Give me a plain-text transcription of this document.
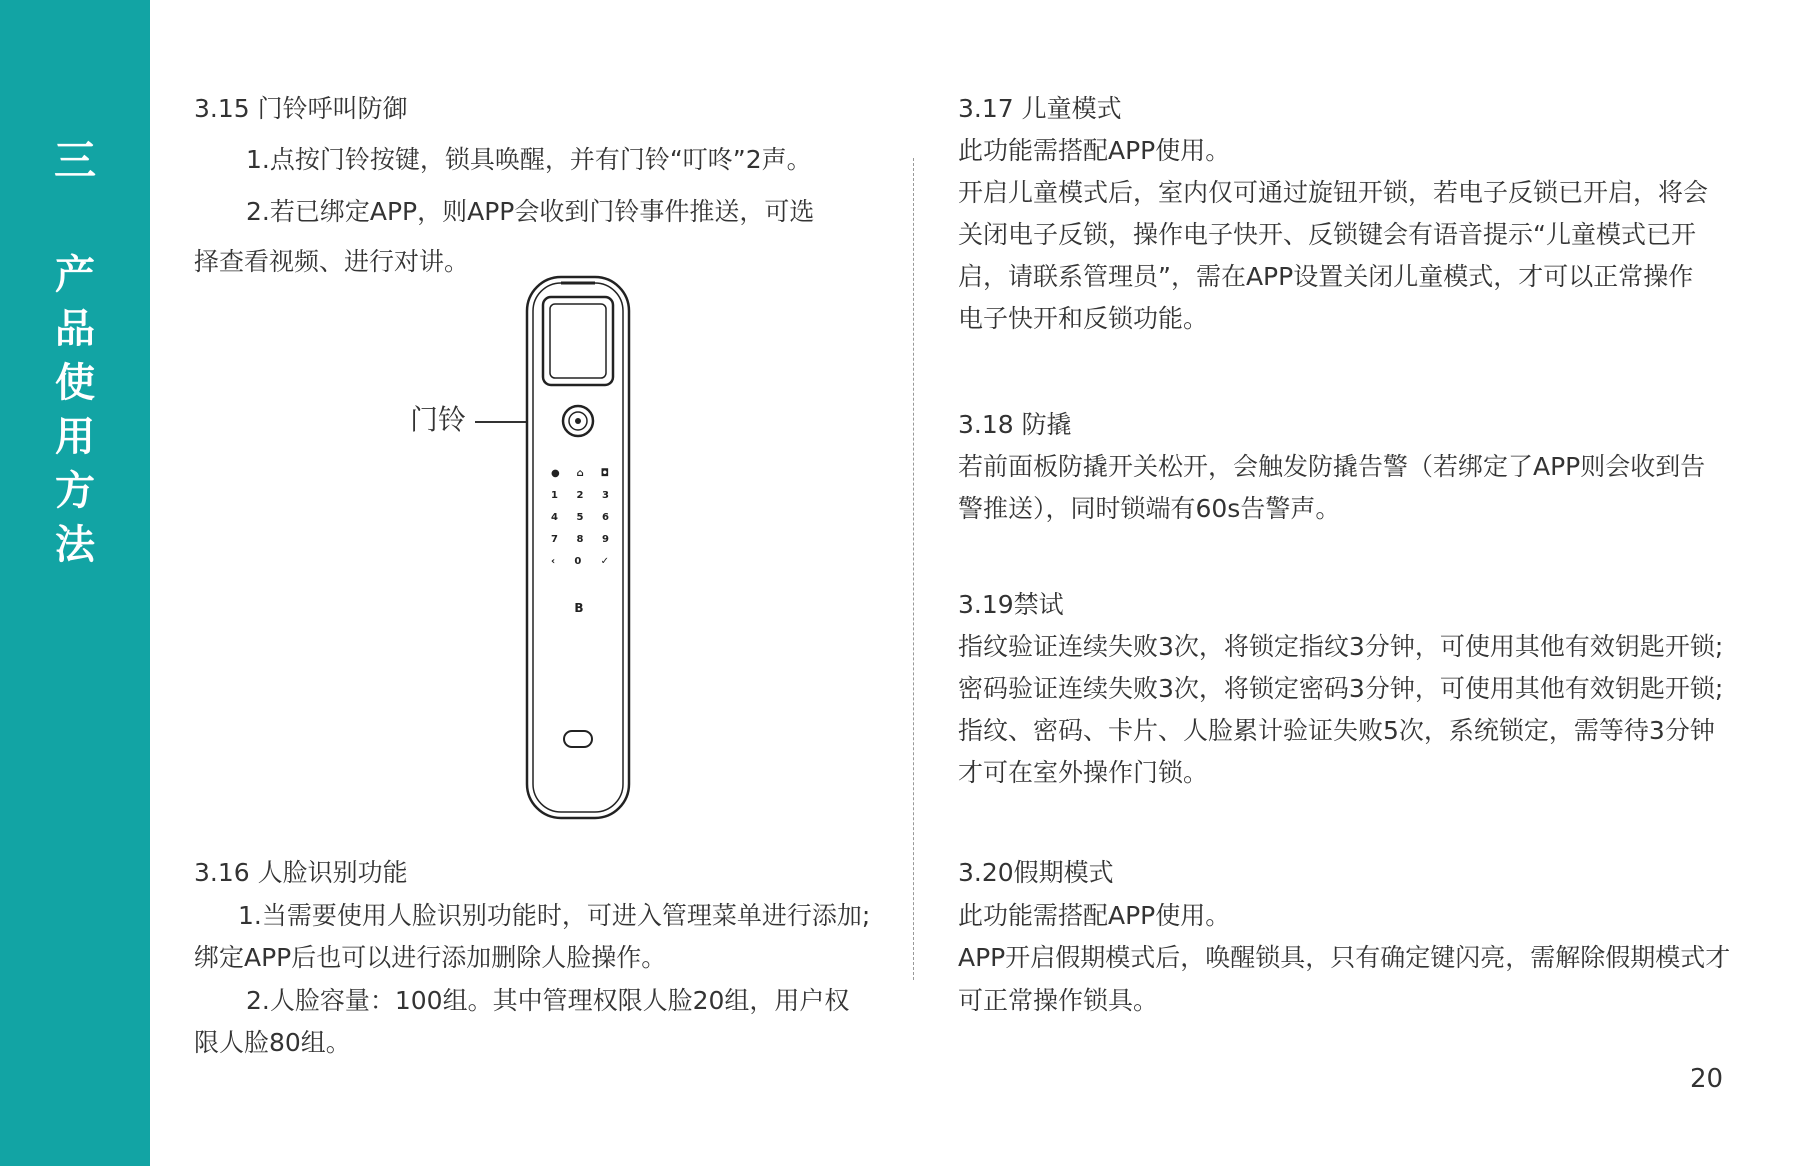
三
产
品
使
用
方
法
3.15 门铃呼叫防御
1.点按门铃按键，锁具唤醒，并有门铃“叮咚”2声。
2.若已绑定APP，则APP会收到门铃事件推送，可选
择查看视频、进行对讲。
门铃
● ⌂ ◘
1 2 3
4 5 6
7 8 9
‹ 0 ✓
B
3.16 人脸识别功能
1.当需要使用人脸识别功能时，可进入管理菜单进行添加;
绑定APP后也可以进行添加删除人脸操作。
2.人脸容量：100组。其中管理权限人脸20组，用户权
限人脸80组。
3.17 儿童模式
此功能需搭配APP使用。
开启儿童模式后，室内仅可通过旋钮开锁，若电子反锁已开启，将会
关闭电子反锁，操作电子快开、反锁键会有语音提示“儿童模式已开
启，请联系管理员”，需在APP设置关闭儿童模式，才可以正常操作
电子快开和反锁功能。
3.18 防撬
若前面板防撬开关松开，会触发防撬告警（若绑定了APP则会收到告
警推送），同时锁端有60s告警声。
3.19禁试
指纹验证连续失败3次，将锁定指纹3分钟，可使用其他有效钥匙开锁;
密码验证连续失败3次，将锁定密码3分钟，可使用其他有效钥匙开锁;
指纹、密码、卡片、人脸累计验证失败5次，系统锁定，需等待3分钟
才可在室外操作门锁。
3.20假期模式
此功能需搭配APP使用。
APP开启假期模式后，唤醒锁具，只有确定键闪亮，需解除假期模式才
可正常操作锁具。
20
